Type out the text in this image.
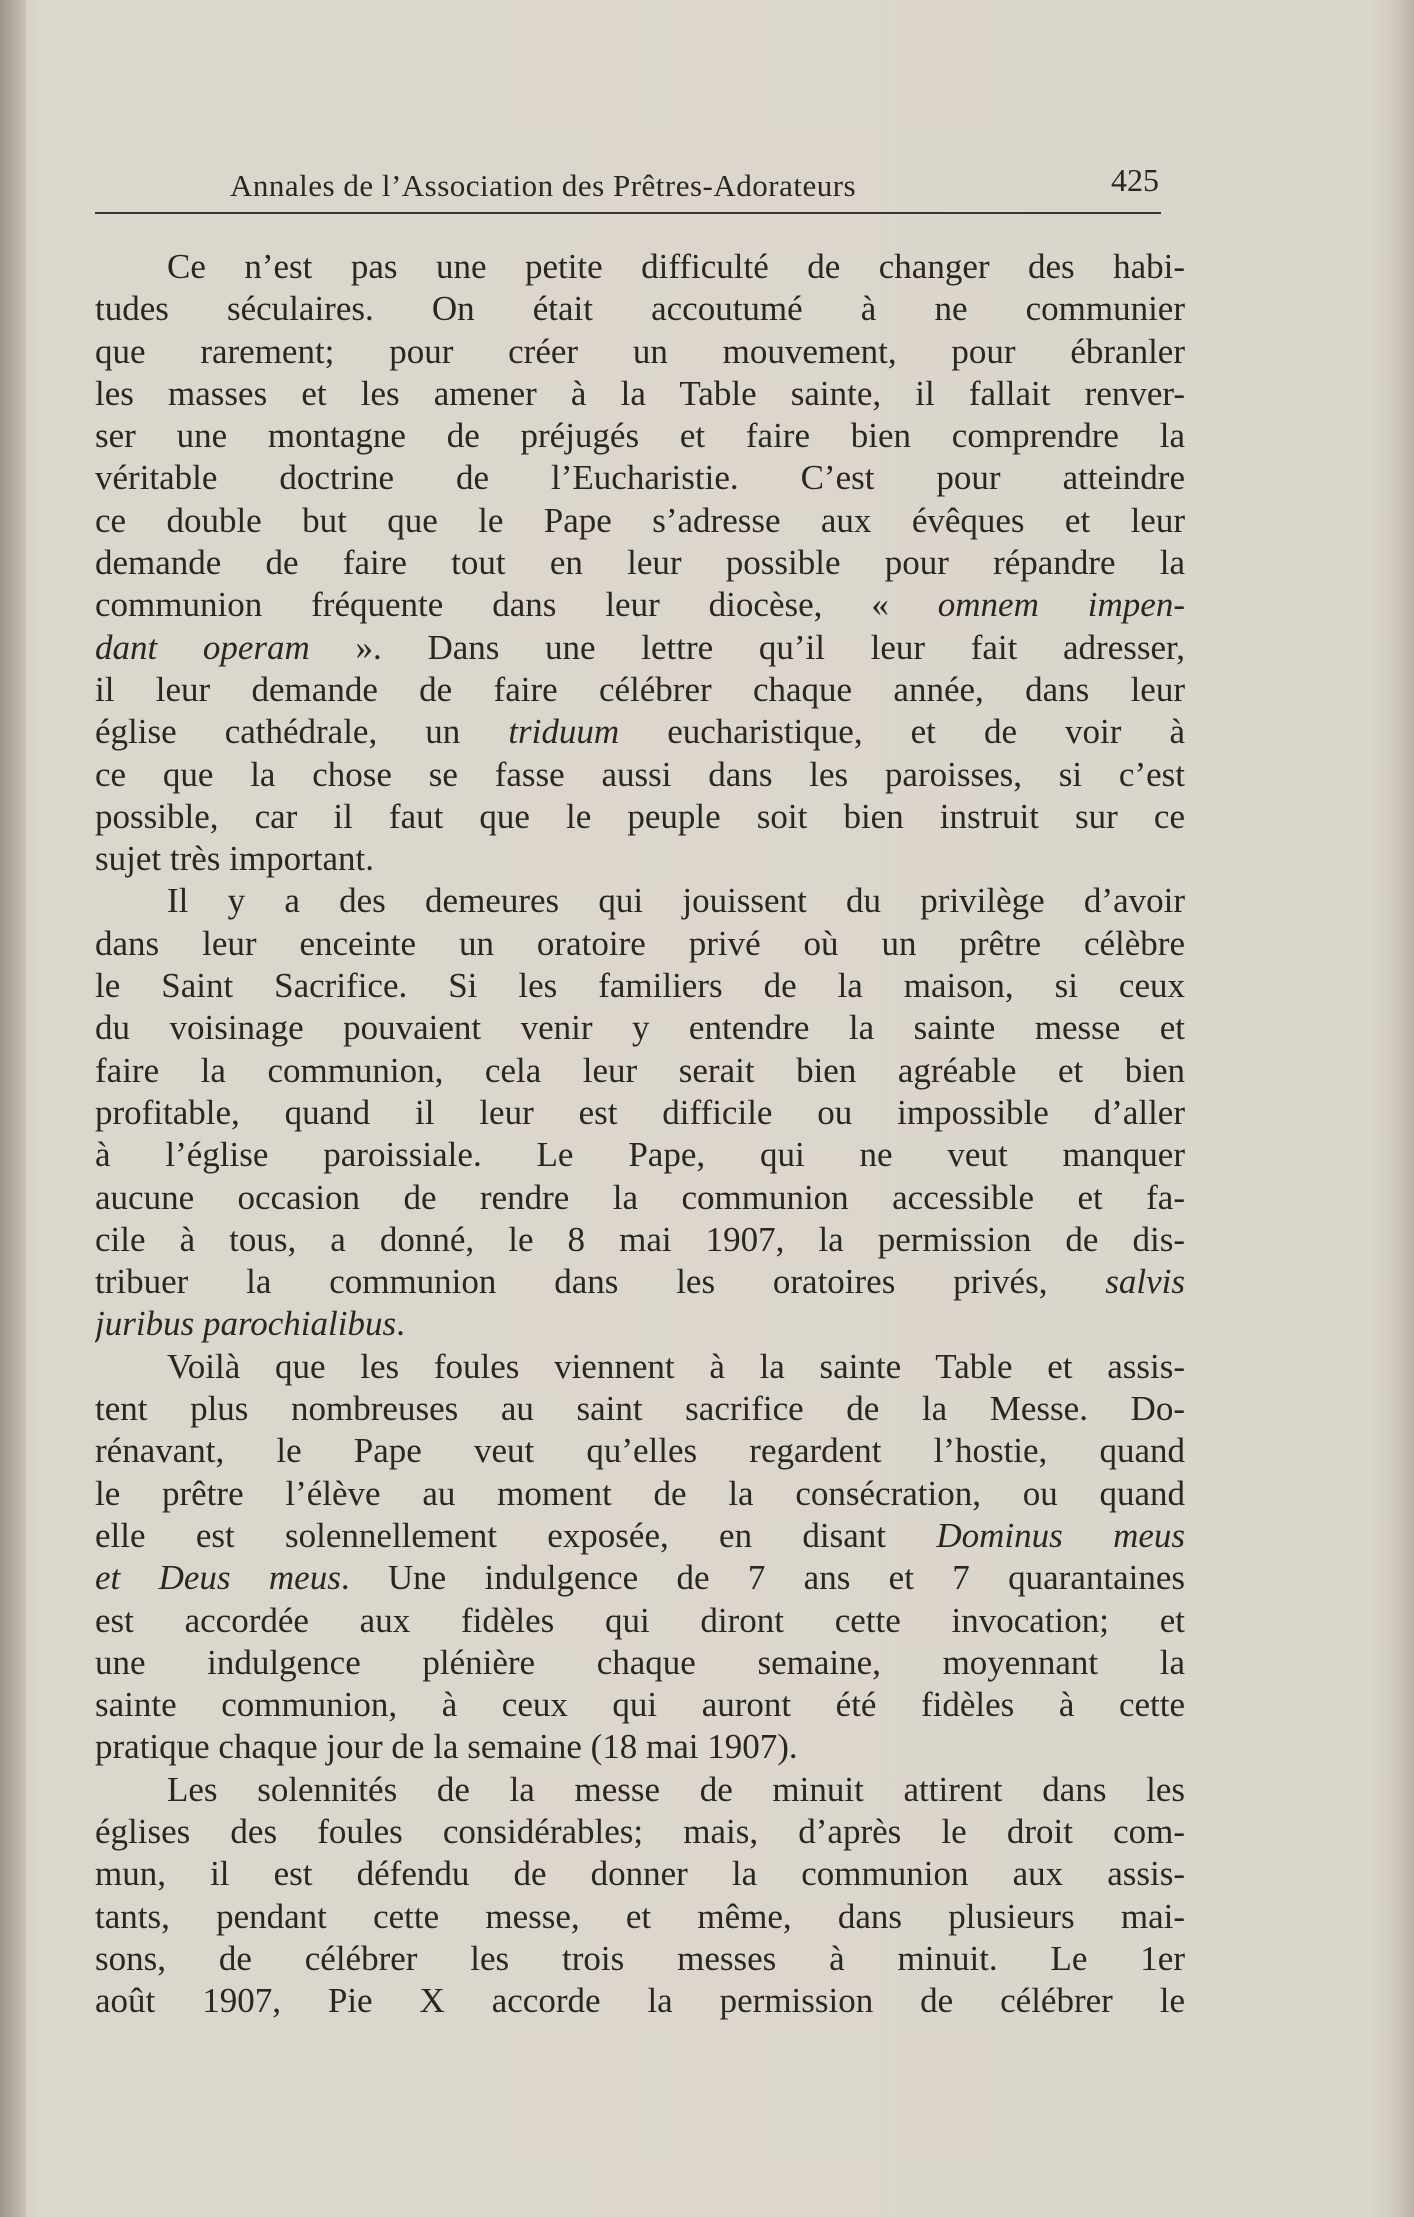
Annales de l’Association des Prêtres-Adorateurs	425
Ce n’est pas une petite difficulté de changer des habi-
tudes séculaires. On était accoutumé à ne communier
que rarement; pour créer un mouvement, pour ébranler
les masses et les amener à la Table sainte, il fallait renver-
ser une montagne de préjugés et faire bien comprendre la
véritable doctrine de l’Eucharistie. C’est pour atteindre
ce double but que le Pape s’adresse aux évêques et leur
demande de faire tout en leur possible pour répandre la
communion fréquente dans leur diocèse, « omnem impen-
dant operam ». Dans une lettre qu’il leur fait adresser,
il leur demande de faire célébrer chaque année, dans leur
église cathédrale, un triduum eucharistique, et de voir à
ce que la chose se fasse aussi dans les paroisses, si c’est
possible, car il faut que le peuple soit bien instruit sur ce
sujet très important.
Il y a des demeures qui jouissent du privilège d’avoir
dans leur enceinte un oratoire privé où un prêtre célèbre
le Saint Sacrifice. Si les familiers de la maison, si ceux
du voisinage pouvaient venir y entendre la sainte messe et
faire la communion, cela leur serait bien agréable et bien
profitable, quand il leur est difficile ou impossible d’aller
à l’église paroissiale. Le Pape, qui ne veut manquer
aucune occasion de rendre la communion accessible et fa-
cile à tous, a donné, le 8 mai 1907, la permission de dis-
tribuer la communion dans les oratoires privés, salvis
juribus parochialibus.
Voilà que les foules viennent à la sainte Table et assis-
tent plus nombreuses au saint sacrifice de la Messe. Do-
rénavant, le Pape veut qu’elles regardent l’hostie, quand
le prêtre l’élève au moment de la consécration, ou quand
elle est solennellement exposée, en disant Dominus meus
et Deus meus. Une indulgence de 7 ans et 7 quarantaines
est accordée aux fidèles qui diront cette invocation; et
une indulgence plénière chaque semaine, moyennant la
sainte communion, à ceux qui auront été fidèles à cette
pratique chaque jour de la semaine (18 mai 1907).
Les solennités de la messe de minuit attirent dans les
églises des foules considérables; mais, d’après le droit com-
mun, il est défendu de donner la communion aux assis-
tants, pendant cette messe, et même, dans plusieurs mai-
sons, de célébrer les trois messes à minuit. Le 1er
août 1907, Pie X accorde la permission de célébrer le
